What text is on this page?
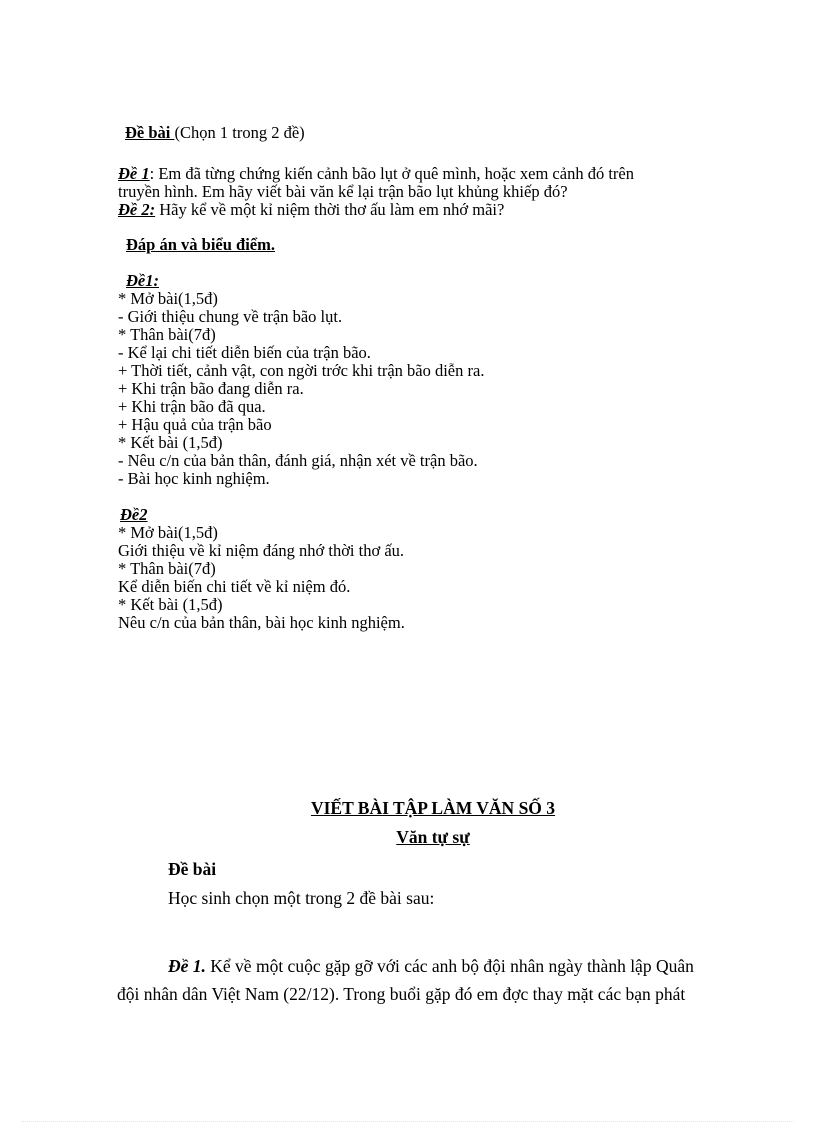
Đề bài (Chọn 1 trong 2 đề)
Đề 1: Em đã từng chứng kiến cảnh bão lụt ở quê mình, hoặc xem cảnh đó trên
truyền hình. Em hãy viết bài văn kể lại trận bão lụt khủng khiếp đó?
Đề 2: Hãy kể về một kỉ niệm thời thơ ấu làm em nhớ mãi?
Đáp án và biểu điểm.
Đề1:
* Mở bài(1,5đ)
- Giới thiệu chung về trận bão lụt.
* Thân bài(7đ)
- Kể lại chi tiết diễn biến của trận bão.
+ Thời tiết, cảnh vật, con ngời trớc khi trận bão diễn ra.
+ Khi trận bão đang diễn ra.
+ Khi trận bão đã qua.
+ Hậu quả của trận bão
* Kết bài (1,5đ)
- Nêu c/n của bản thân, đánh giá, nhận xét về trận bão.
- Bài học kinh nghiệm.
Đề2
* Mở bài(1,5đ)
Giới thiệu về kỉ niệm đáng nhớ thời thơ ấu.
* Thân bài(7đ)
Kể diễn biến chi tiết về kỉ niệm đó.
* Kết bài (1,5đ)
Nêu c/n của bản thân, bài học kinh nghiệm.
VIẾT BÀI TẬP LÀM VĂN SỐ 3
Văn tự sự
Đề bài
Học sinh chọn một trong 2 đề bài sau:
Đề 1. Kể về một cuộc gặp gỡ với các anh bộ đội nhân ngày thành lập Quân
đội nhân dân Việt Nam (22/12). Trong buổi gặp đó em đợc thay mặt các bạn phát
